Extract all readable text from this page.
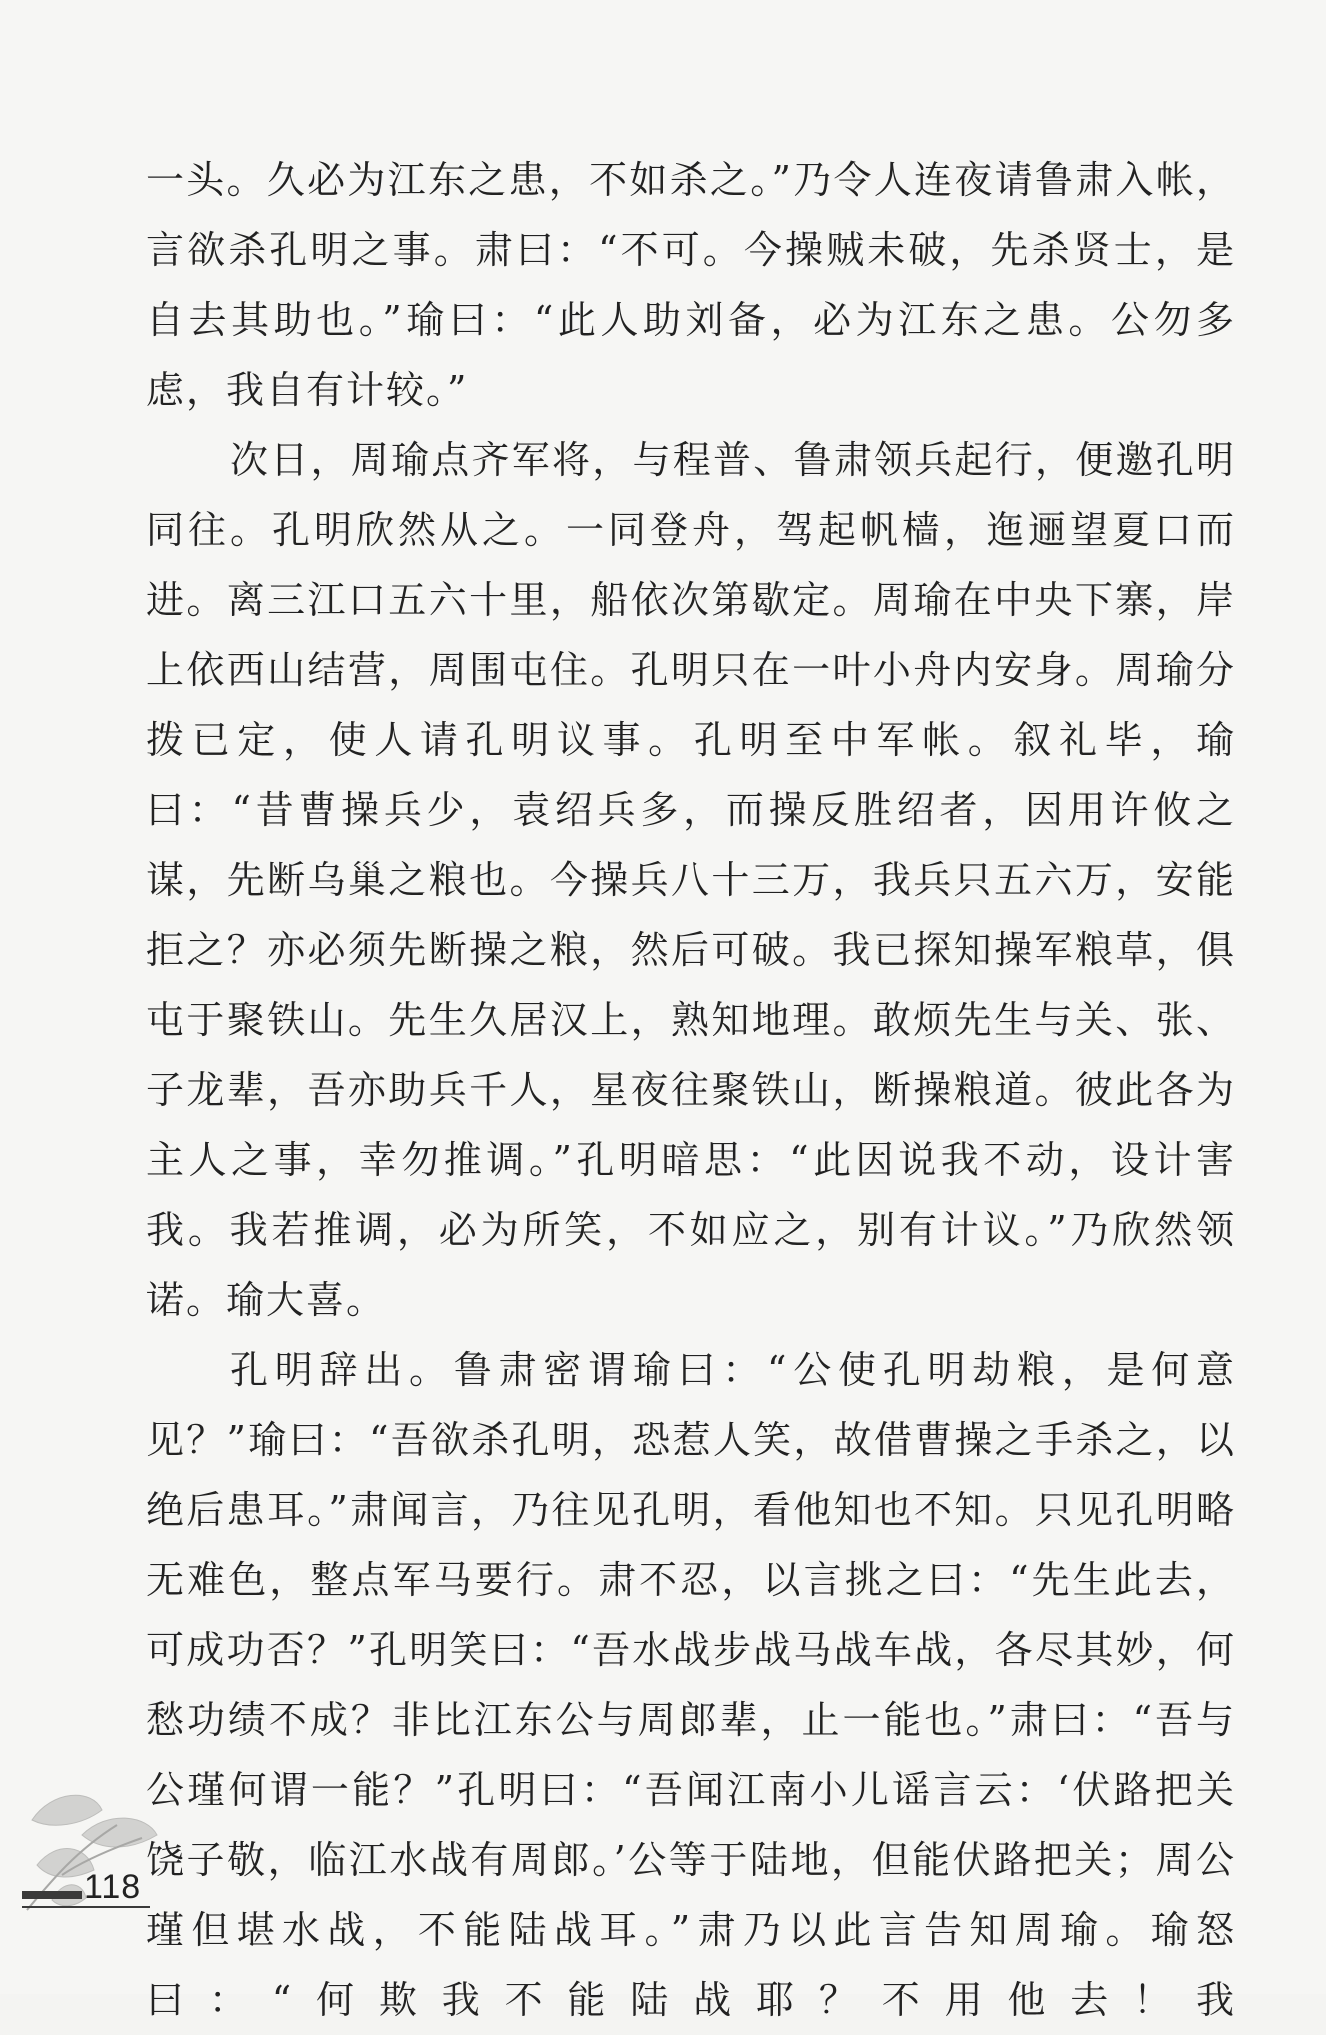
一头。久必为江东之患，不如杀之。”乃令人连夜请鲁肃入帐，言欲杀孔明之事。肃曰：“不可。今操贼未破，先杀贤士，是自去其助也。”瑜曰：“此人助刘备，必为江东之患。公勿多虑，我自有计较。”

次日，周瑜点齐军将，与程普、鲁肃领兵起行，便邀孔明同往。孔明欣然从之。一同登舟，驾起帆樯，迤逦望夏口而进。离三江口五六十里，船依次第歇定。周瑜在中央下寨，岸上依西山结营，周围屯住。孔明只在一叶小舟内安身。周瑜分拨已定，使人请孔明议事。孔明至中军帐。叙礼毕，瑜曰：“昔曹操兵少，袁绍兵多，而操反胜绍者，因用许攸之谋，先断乌巢之粮也。今操兵八十三万，我兵只五六万，安能拒之？亦必须先断操之粮，然后可破。我已探知操军粮草，俱屯于聚铁山。先生久居汉上，熟知地理。敢烦先生与关、张、子龙辈，吾亦助兵千人，星夜往聚铁山，断操粮道。彼此各为主人之事，幸勿推调。”孔明暗思：“此因说我不动，设计害我。我若推调，必为所笑，不如应之，别有计议。”乃欣然领诺。瑜大喜。

孔明辞出。鲁肃密谓瑜曰：“公使孔明劫粮，是何意见？”瑜曰：“吾欲杀孔明，恐惹人笑，故借曹操之手杀之，以绝后患耳。”肃闻言，乃往见孔明，看他知也不知。只见孔明略无难色，整点军马要行。肃不忍，以言挑之曰：“先生此去，可成功否？”孔明笑曰：“吾水战步战马战车战，各尽其妙，何愁功绩不成？非比江东公与周郎辈，止一能也。”肃曰：“吾与公瑾何谓一能？”孔明曰：“吾闻江南小儿谣言云：‘伏路把关饶子敬，临江水战有周郎。’公等于陆地，但能伏路把关；周公瑾但堪水战，不能陆战耳。”肃乃以此言告知周瑜。瑜怒曰：“何欺我不能陆战耶？不用他去！我

118
